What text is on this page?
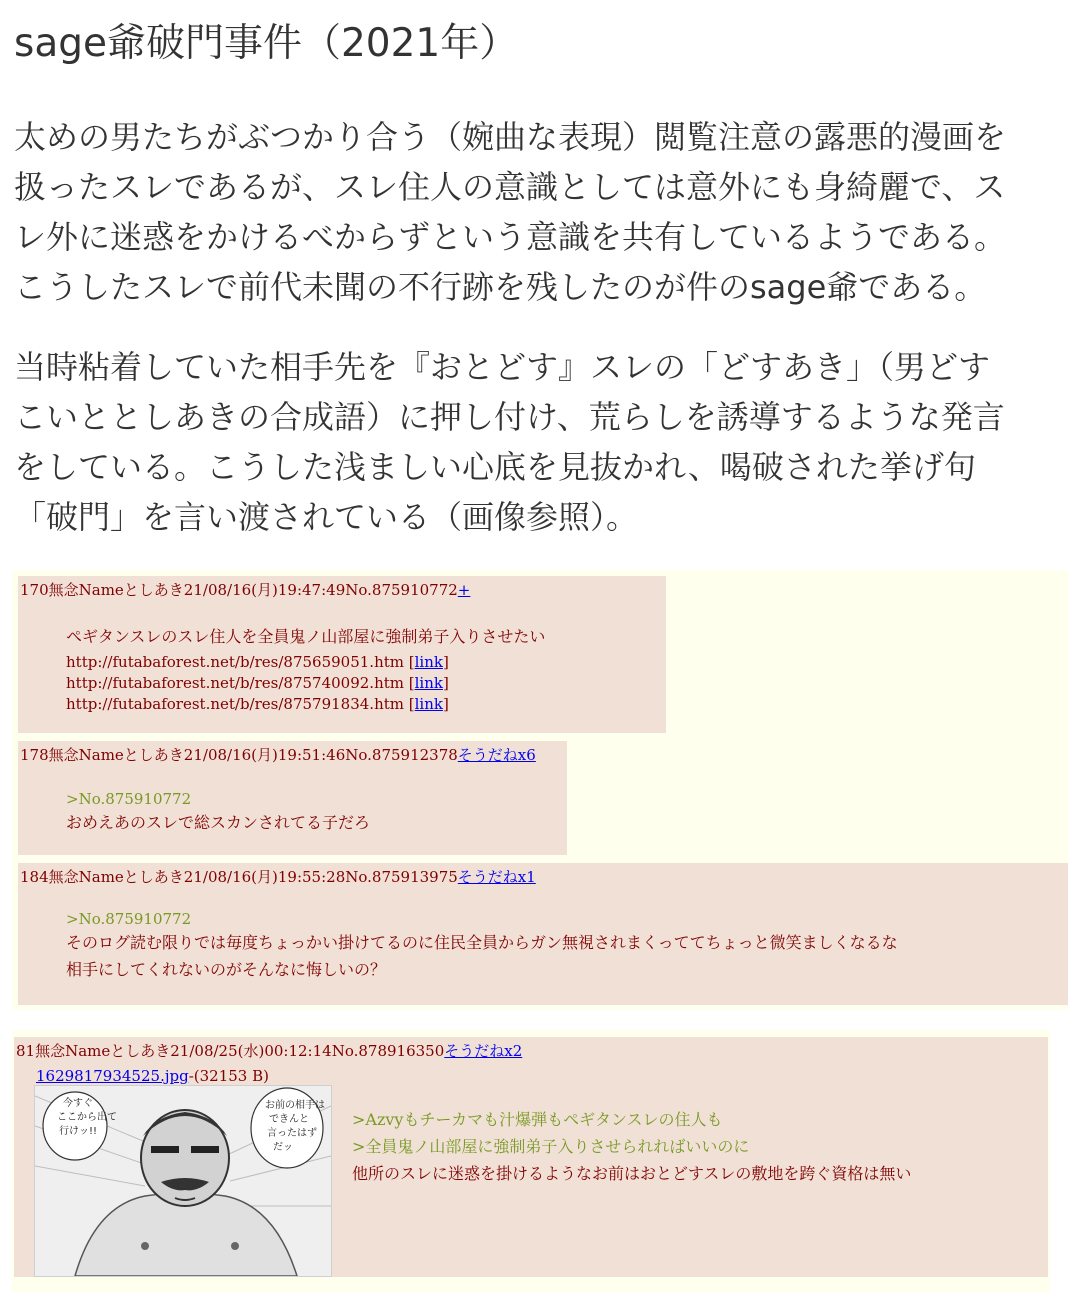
sage爺破門事件（2021年）

太めの男たちがぶつかり合う（婉曲な表現）閲覧注意の露悪的漫画を
扱ったスレであるが、スレ住人の意識としては意外にも身綺麗で、ス
レ外に迷惑をかけるべからずという意識を共有しているようである。
こうしたスレで前代未聞の不行跡を残したのが件のsage爺である。

当時粘着していた相手先を『おとどす』スレの「どすあき」（男どす
こいととしあきの合成語）に押し付け、荒らしを誘導するような発言
をしている。こうした浅ましい心底を見抜かれ、喝破された挙げ句
「破門」を言い渡されている（画像参照）。

170無念Nameとしあき21/08/16(月)19:47:49No.875910772+
ペギタンスレのスレ住人を全員鬼ノ山部屋に強制弟子入りさせたい
http://futabaforest.net/b/res/875659051.htm [link]
http://futabaforest.net/b/res/875740092.htm [link]
http://futabaforest.net/b/res/875791834.htm [link]
178無念Nameとしあき21/08/16(月)19:51:46No.875912378そうだねx6
>No.875910772
おめえあのスレで総スカンされてる子だろ
184無念Nameとしあき21/08/16(月)19:55:28No.875913975そうだねx1
>No.875910772
そのログ読む限りでは毎度ちょっかい掛けてるのに住民全員からガン無視されまくっててちょっと微笑ましくなるな
相手にしてくれないのがそんなに悔しいの？
81無念Nameとしあき21/08/25(水)00:12:14No.878916350そうだねx2
>Azvyもチーカマも汁爆弾もペギタンスレの住人も
>全員鬼ノ山部屋に強制弟子入りさせられればいいのに
他所のスレに迷惑を掛けるようなお前はおとどすスレの敷地を跨ぐ資格は無い
1629817934525.jpg-(32153 B)
今すぐ
ここから出て
行けッ!!
お前の相手は
できんと
言ったはず
だッ
